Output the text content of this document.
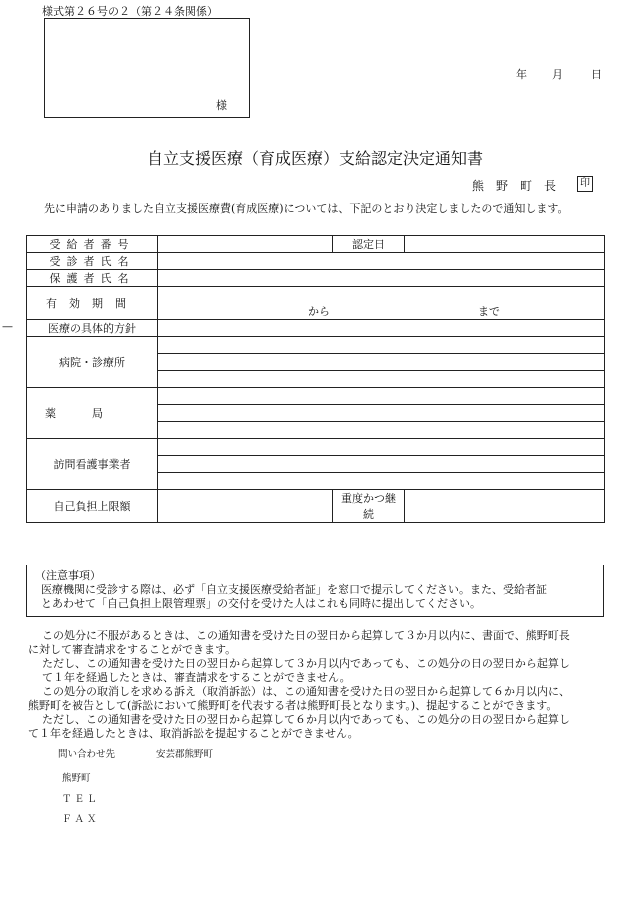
様式第２６号の２（第２４条関係）
様
年 月	日
自立支援医療（育成医療）支給認定決定通知書
熊野町長	印
先に申請のありました自立支援医療費(育成医療)については、下記のとおり決定しましたので通知します。
—
受給者番号		認定日	
受診者氏名			
保護者氏名			
有効期間	から まで		

医療の具体的方針			
病院・診療所			

薬局			

訪問看護事業者			

自己負担上限額		重度かつ継続	
（注意事項）
医療機関に受診する際は、必ず「自立支援医療受給者証」を窓口で提示してください。また、受給者証
とあわせて「自己負担上限管理票」の交付を受けた人はこれも同時に提出してください。

この処分に不服があるときは、この通知書を受けた日の翌日から起算して３か月以内に、書面で、熊野町長

に対して審査請求をすることができます。

ただし、この通知書を受けた日の翌日から起算して３か月以内であっても、この処分の日の翌日から起算し

て１年を経過したときは、審査請求をすることができません。

この処分の取消しを求める訴え（取消訴訟）は、この通知書を受けた日の翌日から起算して６か月以内に、

熊野町を被告として(訴訟において熊野町を代表する者は熊野町長となります。)、提起することができます。

ただし、この通知書を受けた日の翌日から起算して６か月以内であっても、この処分の日の翌日から起算し

て１年を経過したときは、取消訴訟を提起することができません。

問い合わせ先	安芸郡熊野町
熊野町
ＴＥＬ
ＦＡＸ
